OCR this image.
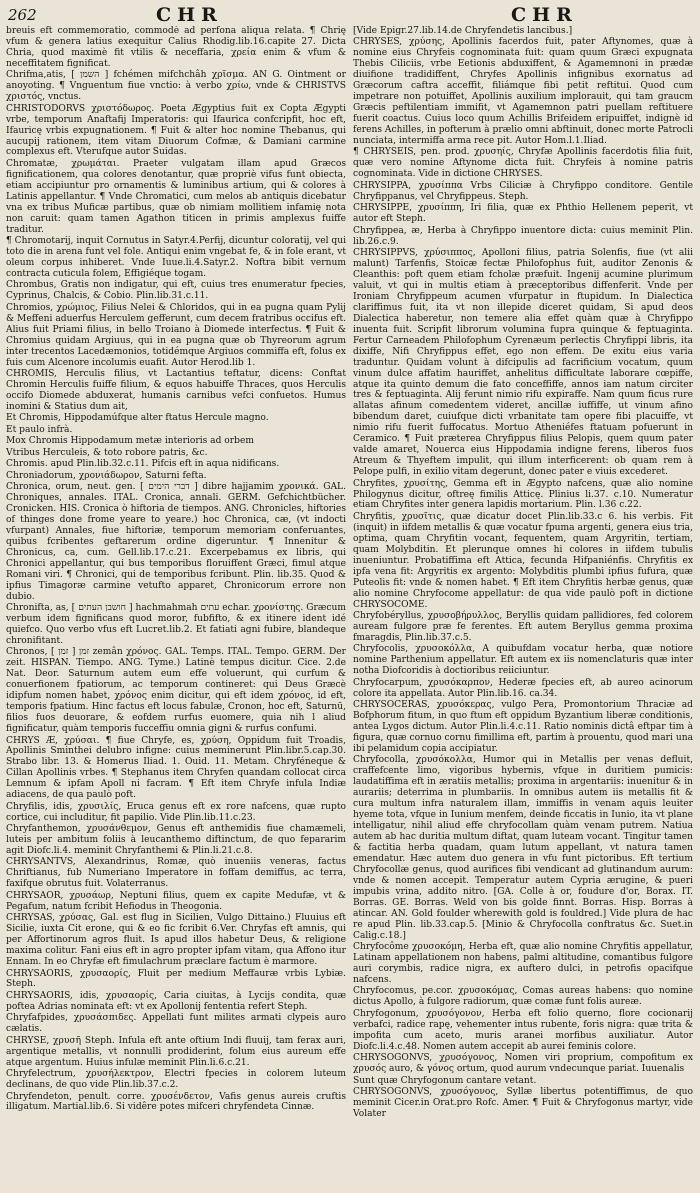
262	CHR	CHR

breuis eft commemoratio, commodè ad perfona aliqua relata. ¶ Chrię vfum & genera latius exequitur Calius Rhodig.lib.16.capite 27. Dicta Chria, quod maximè fit vtilis & neceffaria, χρεία enim & vfum & neceffitatem fignificat.

Chrifma,atis, [ השמן ] fchémen mifchchâh χρῖσμα. AN G. Ointment or anoyoting. ¶ Vnguentum fiue vnctio: à verbo χρίω, vnde & CHRISTVS χριστός, vnctus.

CHRISTODORVS χριστόδωρος. Poeta Ægyptius fuit ex Copta Ægypti vrbe, temporum Anaftafij Imperatoris: qui Ifaurica confcripfit, hoc eft, Ifauricę vrbis expugnationem. ¶ Fuit & alter hoc nomine Thebanus, qui aucupij rationem, item vitam Diuorum Cofmæ, & Damiani carmine complexus eft. Vterufque autor Suidas.

Chromatæ, χρωμάται. Praeter vulgatam illam apud Græcos fignificationem, qua colores denotantur, quæ propriè vifus funt obiecta, etiam accipiuntur pro ornamentis & luminibus artium, qui & colores à Latinis appellantur. ¶ Vnde Chromatici, cum melos ab antiquis dicebatur vna ex tribus Muficæ partibus, quæ ob nimiam mollitiem infamię nota non caruit: quam tamen Agathon titicen in primis amplexus fuiffe traditur.

¶ Chromotarij, inquit Cornutus in Satyr.4.Perfij, dicuntur coloratij, vel qui toto die in arena funt vel fole. Antiqui enim vngebat fe, & in fole erant, vt oleum corpus inhiberet. Vnde Iuue.li.4.Satyr.2. Noftra bibit vernum contracta cuticula folem, Effigiéque togam.

Chrombus, Gratis non indigatur, qui eft, cuius tres enumeratur fpecies, Cyprinus, Chalcis, & Cobio. Plin.lib.31.c.11.

Chromios, χρώμιος, Filius Nelei & Chloridos, qui in ea pugna quam Pylij & Meffeni aduerfus Herculem gefferunt, cum decem fratribus occifus eft. Alius fuit Priami filius, in bello Troiano à Diomede interfectus. ¶ Fuit & Chromius quidam Argiuus, qui in ea pugna quæ ob Thyreorum agrum inter trecentos Lacedæmonios, totidémque Argiuos commiffa eft, folus ex fuis cum Alcenore incolumis euafit. Autor Herod.lib 1.

CHROMIS, Herculis filius, vt Lactantius teftatur, dicens: Conftat Chromin Herculis fuiffe filium, & equos habuiffe Thraces, quos Herculis occifo Diomede abduxerat, humanis carnibus vefci confuetos. Humus inomini & Statius dum ait,

Et Chromis, Hippodamúfque alter ftatus Hercule magno.

Et paulo infrà.

Mox Chromis Hippodamum metæ interioris ad orbem

Vtribus Herculeis, & toto robore patris, &c.

Chromis. apud Plin.lib.32.c.11. Pifcis eft in aqua nidificans.

Chroniadorum, χρονιάδωρον, Saturni fefta.

Chronica, orum, neut. gen. [ דברי הימים ] dibre hajjamim χρονικά. GAL. Chroniques, annales. ITAL. Cronica, annali. GERM. Gefchichtbücher. Cronicken. HIS. Cronica ò hiftoria de tiempos. ANG. Chronicles, hiftories of thinges done frome yeare to yeare.) hoc Chronica, cæ, (vt indocti vfurpant) Annales, fiue hiftoriæ, temporum memoriam conferuantes, quibus fcribentes geftarerum ordine digeruntur. ¶ Innenitur & Chronicus, ca, cum. Gell.lib.17.c.21. Excerpebamus ex libris, qui Chronici appellantur, qui bus temporibus floruiffent Græci, fimul atque Romani viri. ¶ Chronici, qui de temporibus fcribunt. Plin. lib.35. Quod & ipfius Timagoræ carmine vetufto apparet, Chronicorum errore non dubio.

Chronifta, as, [ חושבן העתים ] hachmahmah עתים echar. χρονίστης. Græcum verbum idem fignificans quod moror, fubfifto, & ex itinere ident idé quiefco. Quo verbo vfus eft Lucret.lib.2. Et fatiati agni fubire, blandeque chronifitant.

Chronos, [ זמן ] זמן zemân χρόνος. GAL. Temps. ITAL. Tempo. GERM. Der zeit. HISPAN. Tiempo. ANG. Tyme.) Latinè tempus dicitur. Cice. 2.de Nat. Deor. Saturnum autem eum effe voluerunt, qui curfum & conuerfionem fpatiorum, ac temporum contineret: qui Deus Græcè idipfum nomen habet, χρόνος enim dicitur, qui eft idem χρόνος, id eft, temporis fpatium. Hinc factus eft locus fabulæ, Cronon, hoc eft, Saturnū, filios fuos deuorare, & eofdem rurfus euomere, quia nih l aliud fignificatur, quàm temporis fucceffiu omnia gigni & rurfus confumi.

CHRYS Æ, χρύσαι. ¶ fiue Chryfe, es, χρύση, Oppidum fuit Troadis, Apollinis Sminthei delubro infigne: cuius meminerunt Plin.libr.5.cap.30. Strabo libr. 13. & Homerus Iliad. 1. Ouid. 11. Metam. Chryféneque & Cillan Apollinis vrbes. ¶ Stephanus item Chryfen quandam collocat circa Lemnum & ipfam Apoll ni facram. ¶ Eft item Chryfe infula Indiæ adiacens, de qua paulò poft.

Chryfilis, idis, χρυσιλίς, Eruca genus eft ex rore nafcens, quæ rupto cortice, cui includitur, fit papilio. Vide Plin.lib.11.c.23.

Chryfanthemon, χρυσάνθεμον, Genus eft anthemidis fiue chamæmeli, luteis per ambitum foliis à leucanthemo diftinctum, de quo fepararim agit Diofc.li.4. meminit Chryfanthemi & Plin.li.21.c.8.

CHRYSANTVS, Alexandrinus, Romæ, quò inueniis veneras, factus Chriftianus, fub Numeriano Imperatore in foffam demiffus, ac terra, faxifque obrutus fuit. Volaterranus.

CHRYSAOR, χρυσάωρ, Neptuni filius, quem ex capite Medufæ, vt & Pegafum, natum fcribit Hefiodus in Theogonia.

CHRYSAS, χρύσας, Gal. est flug in Sicilien, Vulgo Dittaino.) Fluuius eft Sicilie, iuxta Cit erone, qui & eo fic fcribit 6.Ver. Chryfas eft amnis, qui per Affortinorum agros fluit. Is apud illos habetur Deus, & religione maxima colitur. Fani eius eft in agro propter ipfam vitam, qua Affono itur Ennam. In eo Chryfæ eft fimulachrum præclare factum è marmore.

CHRYSAORIS, χρυσαορίς, Fluit per medium Meffauræ vrbis Lybiæ. Steph.

CHRYSAORIS, idis, χρυσαορίς, Caria ciuitas, à Lycijs condita, quæ poftea Adrias nominata eft: vt ex Apollonij fententia refert Steph.

Chryfafpides, χρυσάσπιδες. Appellati funt milites armati clypeis auro cælatis.

CHRYSE, χρυσῆ Steph. Infula eft ante oftium Indi fluuij, tam ferax auri, argentique metallis, vt nonnulli prodiderint, folum eius aureum effe atque argentum. Huius infulæ meminit Plin.li.6.c.21.

Chryfelectrum, χρυσήλεκτρον, Electri fpecies in colorem luteum declinans, de quo vide Plin.lib.37.c.2.

Chryfendeton, penult. corre. χρυσένδετον, Vafis genus aureis cruftis illigatum. Martial.lib.6. Si vidêre potes mifceri chryfendeta Cinnæ.

[Vide Epigr.27.lib.14.de Chryfendetis lancibus.]

CHRYSES, χρύσης, Apollinis facerdos fuit, pater Aftynomes, quæ à nomine eius Chryfeis cognominata fuit: quam quum Græci expugnata Thebis Ciliciis, vrbe Eetionis abduxiffent, & Agamemnoni in prædæ diuifione tradidiffent, Chryfes Apollinis infignibus exornatus ad Græcorum caftra acceffit, filiámque fibi petit reftitui. Quod cum impetrare non potuiffet, Apollinis auxilium implorauit, qui tam graucm Græcis peftilentiam immifit, vt Agamemnon patri puellam reftituere fuerit coactus. Cuius loco quum Achillis Brifeidem eripuiffet, indignè id ferens Achilles, in pofterum à prælio omni abftinuit, donec morte Patrocli nunciata, intermiffa arma rece pit. Autor Hom.l.1.Iliad.

¶ CHRYSEIS, pen. prod. χρυσηίς, Chryfæ Apollinis facerdotis filia fuit, quæ vero nomine Aftynome dicta fuit. Chryfeis à nomine patris cognominata. Vide in dictione CHRYSES.

CHRYSIPPA, χρυσίππα Vrbs Ciliciæ à Chryfippo conditore. Gentile Chryfippanus, vel Chryfippeus. Steph.

CHRYSIPPE, χρυσίππη, Iri filia, quæ ex Phthio Hellenem peperit, vt autor eft Steph.

Chryfippea, æ, Herba à Chryfippo inuentore dicta: cuius meminit Plin. lib.26.c.9.

CHRYSIPPVS, χρύσιππος, Apolloni filius, patria Solenfis, fiue (vt alii malunt) Tarfenfis, Stoicæ fectæ Philofophus fuit, auditor Zenonis & Cleanthis: poft quem etiam fcholæ præfuit. Ingenij acumine plurimum valuit, vt qui in multis etiam à præceptoribus diffenferit. Vnde per Ironiam Chryfippeum acumen vfurpatur in ftupidum. In Dialectica clariffimus fuit, ita vt non illepide diceret quidam, Si apud deos Dialectica haberetur, non temere alia effet quàm quæ à Chryfippo inuenta fuit. Scripfit librorum volumina fupra quinque & feptuaginta. Fertur Carneadem Philofophum Cyrenæum perlectis Chryfippi libris, ita dixiffe, Nifi Chryfippus effet, ego non effem. De exitu eius varia traduntur. Quidam volunt à difcipulis ad facrificium vocatum, quum vinum dulce affatim hauriffet, anhelitus difficultate laborare cœpiffe, atque ita quinto demum die fato conceffiffe, annos iam natum circiter tres & feptuaginta. Alij ferunt nimio rifu expiraffe. Nam quum ficus rure allatas afinum comedentem videret, ancillæ iuffiffe, ut vinum afino bibendum daret, cuiufque dicti vrbanitate tam opere fibi placuiffe, vt nimio rifu fuerit fuffocatus. Mortuo Atheniéfes ftatuam pofuerunt in Ceramico. ¶ Fuit præterea Chryfippus filius Pelopis, quem quum pater valde amaret, Nouerca eius Hippodamia indigne ferens, liberos fuos Atreum & Thyeftem impulit, qui illum interficerent: ob quam rem à Pelope pulfi, in exilio vitam degerunt, donec pater e viuis excederet.

Chryfites, χρυσίτης, Gemma eft in Ægypto nafcens, quæ alio nomine Philogynus dicitur, oftreę fimilis Atticę. Plinius li.37. c.10. Numeratur etiam Chryfites inter genera lapidis mortarium. Plin. l.36 c.22.

Chryfitis, χρυσῖτις, quæ dicatur docet Plin.lib.33.c 6. his verbis. Fit (inquit) in iifdem metallis & quæ vocatur fpuma argenti, genera eius tria, optima, quam Chryfitin vocant, fequentem, quam Argyritin, tertiam, quam Molybditin. Et plerunque omnes hi colores in iifdem tubulis inueniuntur. Probatiffima eft Attica, fecunda Hifpaniénfis. Chryfitis ex ipfa vena fit: Argyritis ex argento: Molybditis plumbi ipfius fufura, quæ Puteolis fit: vnde & nomen habet. ¶ Eft item Chryfitis herbæ genus, quæ alio nomine Chryfocome appellatur: de qua vide paulò poft in dictione CHRYSOCOME.

Chryfobéryllus, χρυσοβήρυλλος, Beryllis quidam pallidiores, fed colorem auream fulgore præ fe ferentes. Eft autem Beryllus gemma proxima fmaragdis, Plin.lib.37.c.5.

Chryfocolis, χρυσοκόλλα, A quibufdam vocatur herba, quæ notiore nomine Parthenium appellatur. Eft autem ex iis nomenclaturis quæ inter notha Diofcoridis à doctioribus reiiciuntur.

Chryfocarpum, χρυσόκαρπον, Hederæ fpecies eft, ab aureo acinorum colore ita appellata. Autor Plin.lib.16. ca.34.

CHRYSOCERAS, χρυσόκερας, vulgo Pera, Promontorium Thraciæ ad Bofphorum fitum, in quo ftum eft oppidum Byzantium liberæ conditionis, antea Lygos dictum. Autor Plin.li.4.c.11. Ratio nominis dictâ eftpar tim à figura, quæ cornuo cornu fimillima eft, partim à prouentu, quod mari una ibi pelamidum copia accipiatur.

Chryfocolla, χρυσόκολλα, Humor qui in Metallis per venas defluit, craffefcente limo, vigoribus hybernis, vfque in duritiem pumicis: laudatiffima eft in æratiis metallis; proxima in argentariis: inuenitur & in aurariis; deterrima in plumbariis. In omnibus autem iis metallis fit & cura multum infra naturalem illam, immiffis in venam aquis leuiter hyeme tota, vfque in Iunium menfem, deinde ficcatis in Iunio, ita vt plane intelligatur, nihil aliud effe chryfocollam quàm venam putrem. Natiua autem ab hac duritia multum diftat, quam luteam vocant. Tingitur tamen & factitia herba quadam, quam lutum appellant, vt natura tamen emendatur. Hæc autem duo genera in vfu funt pictoribus. Eft tertium Chryfocollæ genus, quod aurifices fibi vendicant ad glutinandum aurum: vnde & nomen accepit. Temperatur autem Cypria ærugine, & pueri impubis vrina, addito nitro. [GA. Colle à or, foudure d'or, Borax. IT. Borras. GE. Borras. Weld von bis golde finnt. Borras. Hisp. Borras à atincar. AN. Gold foulder wherewith gold is fouldred.] Vide plura de hac re apud Plin. lib.33.cap.5. [Minio & Chryfocolla conftratus &c. Suet.in Calig.c.18.]

Chryfocôme χρυσοκόμη, Herba eft, quæ alio nomine Chryfitis appellatur, Latinam appellationem non habens, palmi altitudine, comantibus fulgore auri corymbis, radice nigra, ex auftero dulci, in petrofis opacifque nafcens.

Chryfocomus, pe.cor. χρυσοκόμας, Comas aureas habens: quo nomine dictus Apollo, à fulgore radiorum, quæ comæ funt folis aureæ.

Chryfogonum, χρυσόγονον, Herba eft folio querno, flore cocionarij verbafci, radice rapę, vehementer intus rubente, foris nigra: quæ trita & impofita cum aceto, muris aranei morfibus auxiliatur. Autor Diofc.li.4.c.48. Nomen autem accepit ab aurei feminis colore.

CHRYSOGONVS, χρυσόγονος, Nomen viri proprium, compofitum ex χρυσός auro, & γόνος ortum, quod aurum vndecunque pariat. Iuuenalis

Sunt quæ Chryfogonum cantare vetant.

CHRYSOGONVS, χρυσόγονος, Syllæ libertus potentiffimus, de quo meminit Cicer.in Orat.pro Rofc. Amer. ¶ Fuit & Chryfogonus martyr, vide Volater
